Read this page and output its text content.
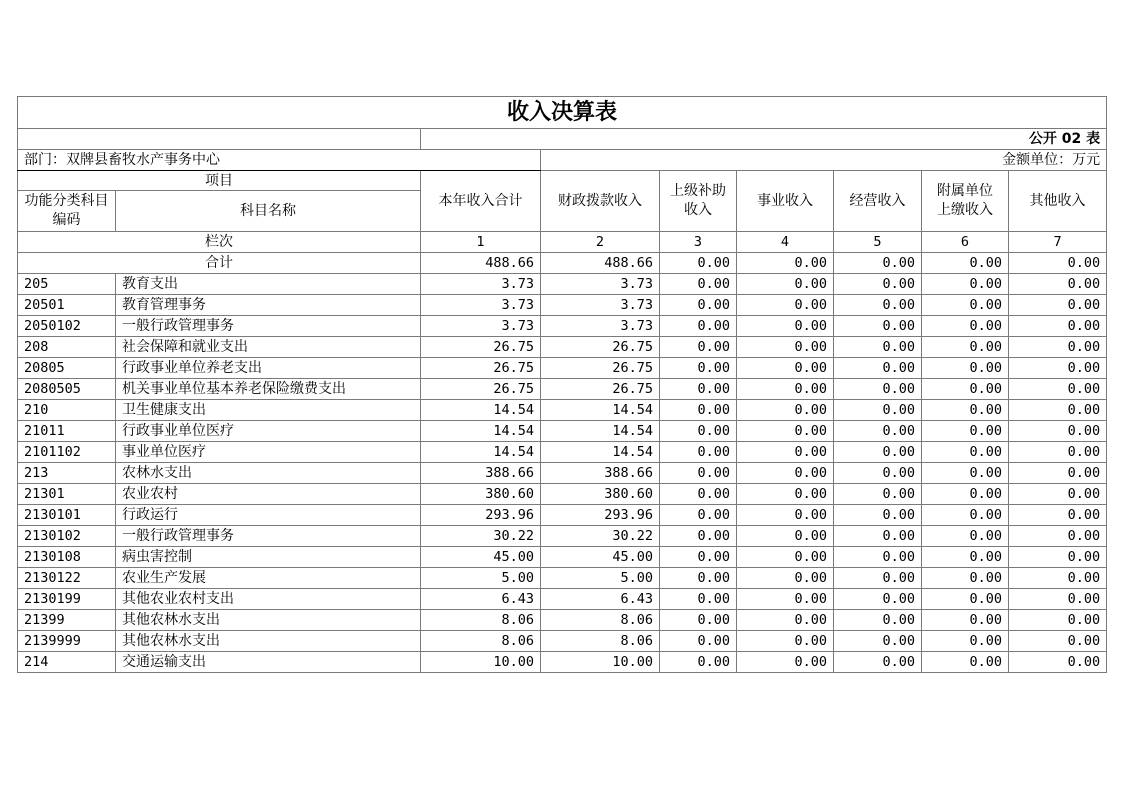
收入决算表								
		公开 02 表						
部门：双牌县畜牧水产事务中心			金额单位：万元					
项目		本年收入合计	财政拨款收入	上级补助收入	事业收入	经营收入	附属单位上缴收入	其他收入
功能分类科目编码	科目名称							
栏次		1	2	3	4	5	6	7
合计		488.66	488.66	0.00	0.00	0.00	0.00	0.00
205	教育支出	3.73	3.73	0.00	0.00	0.00	0.00	0.00
20501	教育管理事务	3.73	3.73	0.00	0.00	0.00	0.00	0.00
2050102	一般行政管理事务	3.73	3.73	0.00	0.00	0.00	0.00	0.00
208	社会保障和就业支出	26.75	26.75	0.00	0.00	0.00	0.00	0.00
20805	行政事业单位养老支出	26.75	26.75	0.00	0.00	0.00	0.00	0.00
2080505	机关事业单位基本养老保险缴费支出	26.75	26.75	0.00	0.00	0.00	0.00	0.00
210	卫生健康支出	14.54	14.54	0.00	0.00	0.00	0.00	0.00
21011	行政事业单位医疗	14.54	14.54	0.00	0.00	0.00	0.00	0.00
2101102	事业单位医疗	14.54	14.54	0.00	0.00	0.00	0.00	0.00
213	农林水支出	388.66	388.66	0.00	0.00	0.00	0.00	0.00
21301	农业农村	380.60	380.60	0.00	0.00	0.00	0.00	0.00
2130101	行政运行	293.96	293.96	0.00	0.00	0.00	0.00	0.00
2130102	一般行政管理事务	30.22	30.22	0.00	0.00	0.00	0.00	0.00
2130108	病虫害控制	45.00	45.00	0.00	0.00	0.00	0.00	0.00
2130122	农业生产发展	5.00	5.00	0.00	0.00	0.00	0.00	0.00
2130199	其他农业农村支出	6.43	6.43	0.00	0.00	0.00	0.00	0.00
21399	其他农林水支出	8.06	8.06	0.00	0.00	0.00	0.00	0.00
2139999	其他农林水支出	8.06	8.06	0.00	0.00	0.00	0.00	0.00
214	交通运输支出	10.00	10.00	0.00	0.00	0.00	0.00	0.00
